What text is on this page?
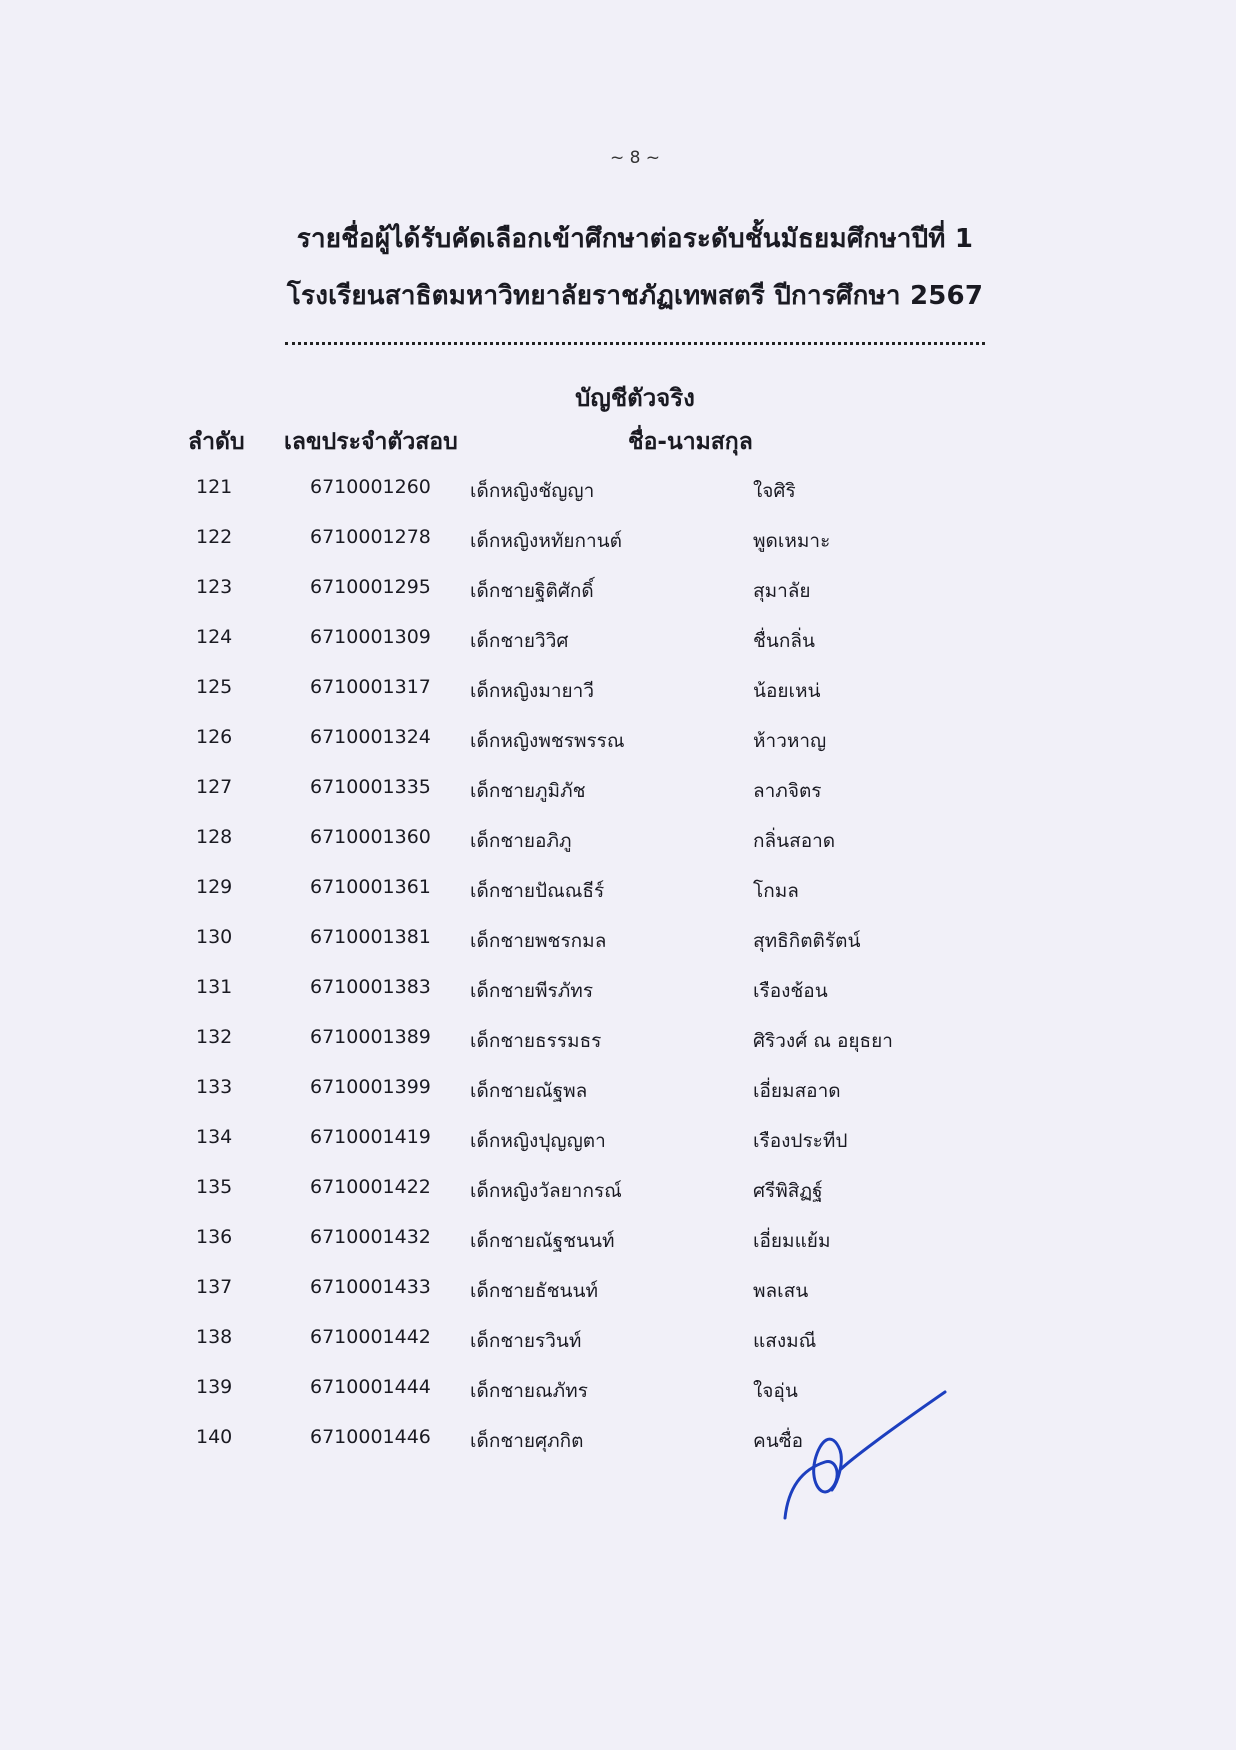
~ 8 ~
รายชื่อผู้ได้รับคัดเลือกเข้าศึกษาต่อระดับชั้นมัธยมศึกษาปีที่ 1
โรงเรียนสาธิตมหาวิทยาลัยราชภัฏเทพสตรี ปีการศึกษา 2567
บัญชีตัวจริง
ลำดับ เลขประจำตัวสอบ	ชื่อ-นามสกุล
121	6710001260 เด็กหญิงชัญญา	ใจศิริ
122	6710001278 เด็กหญิงหทัยกานต์	พูดเหมาะ
123	6710001295 เด็กชายฐิติศักดิ์	สุมาลัย
124	6710001309 เด็กชายวิวิศ	ชื่นกลิ่น
125	6710001317 เด็กหญิงมายาวี	น้อยเหน่
126	6710001324 เด็กหญิงพชรพรรณ	ห้าวหาญ
127	6710001335 เด็กชายภูมิภัช	ลาภจิตร
128	6710001360 เด็กชายอภิภู	กลิ่นสอาด
129	6710001361 เด็กชายปัณณธีร์	โกมล
130	6710001381 เด็กชายพชรกมล	สุทธิกิตติรัตน์
131	6710001383 เด็กชายพีรภัทร	เรืองช้อน
132	6710001389 เด็กชายธรรมธร	ศิริวงศ์ ณ อยุธยา
133	6710001399 เด็กชายณัฐพล	เอี่ยมสอาด
134	6710001419 เด็กหญิงปุญญตา	เรืองประทีป
135	6710001422 เด็กหญิงวัลยากรณ์	ศรีพิสิฏฐ์
136	6710001432 เด็กชายณัฐชนนท์	เอี่ยมแย้ม
137	6710001433 เด็กชายธัชนนท์	พลเสน
138	6710001442 เด็กชายรวินท์	แสงมณี
139	6710001444 เด็กชายณภัทร	ใจอุ่น
140	6710001446 เด็กชายศุภกิต	คนซื่อ
